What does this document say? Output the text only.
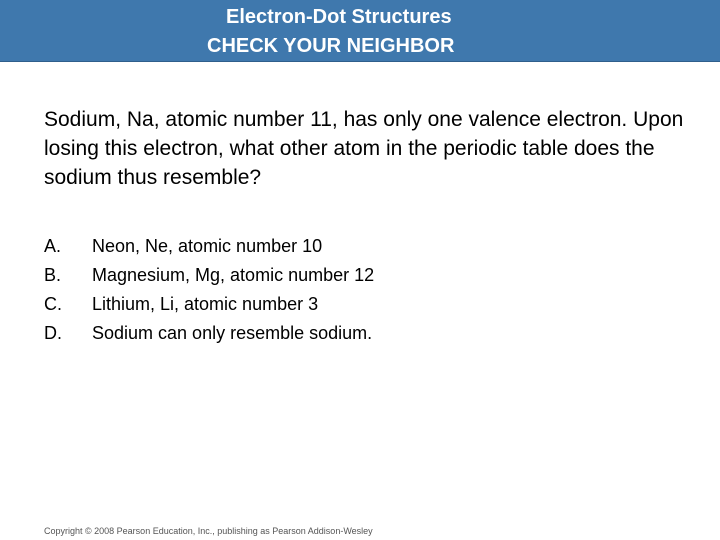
Electron-Dot Structures
CHECK YOUR NEIGHBOR
Sodium, Na, atomic number 11, has only one valence electron. Upon losing this electron, what other atom in the periodic table does the sodium thus resemble?
A.	Neon, Ne, atomic number 10
B.	Magnesium, Mg, atomic number 12
C.	Lithium, Li, atomic number 3
D.	Sodium can only resemble sodium.
Copyright © 2008 Pearson Education, Inc., publishing as Pearson Addison-Wesley
